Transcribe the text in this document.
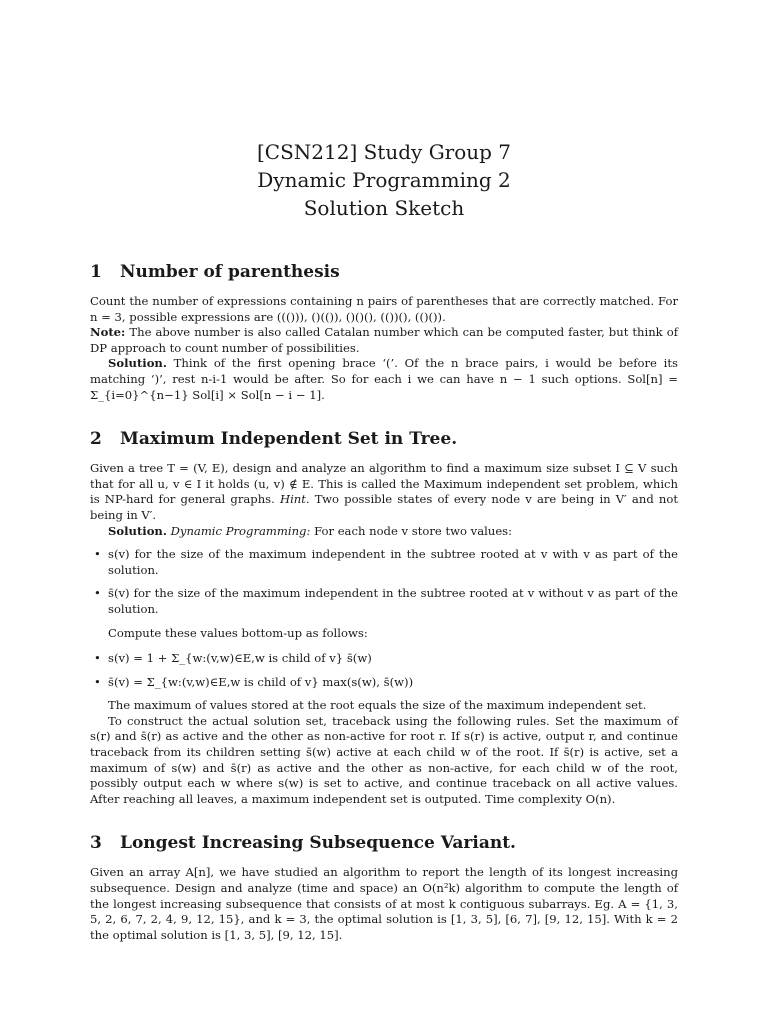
[CSN212] Study Group 7
Dynamic Programming 2
Solution Sketch
1 Number of parenthesis

Count the number of expressions containing n pairs of parentheses that are correctly matched. For n = 3, possible expressions are ((())), ()(()), ()()(), (())(), (()()).

Note: The above number is also called Catalan number which can be computed faster, but think of DP approach to count number of possibilities.

Solution. Think of the first opening brace ‘(’. Of the n brace pairs, i would be before its matching ‘)’, rest n-i-1 would be after. So for each i we can have n − 1 such options. Sol[n] = Σ_{i=0}^{n−1} Sol[i] × Sol[n − i − 1].

2 Maximum Independent Set in Tree.

Given a tree T = (V, E), design and analyze an algorithm to find a maximum size subset I ⊆ V such that for all u, v ∈ I it holds (u, v) ∉ E. This is called the Maximum independent set problem, which is NP-hard for general graphs. Hint. Two possible states of every node v are being in V′ and not being in V′.

Solution. Dynamic Programming: For each node v store two values:

• s(v) for the size of the maximum independent in the subtree rooted at v with v as part of the solution.
• s̄(v) for the size of the maximum independent in the subtree rooted at v without v as part of the solution.

Compute these values bottom-up as follows:

• s(v) = 1 + Σ_{w:(v,w)∈E,w is child of v} s̄(w)
• s̄(v) = Σ_{w:(v,w)∈E,w is child of v} max(s(w), s̄(w))

The maximum of values stored at the root equals the size of the maximum independent set.

To construct the actual solution set, traceback using the following rules. Set the maximum of s(r) and s̄(r) as active and the other as non-active for root r. If s(r) is active, output r, and continue traceback from its children setting s̄(w) active at each child w of the root. If s̄(r) is active, set a maximum of s(w) and s̄(r) as active and the other as non-active, for each child w of the root, possibly output each w where s(w) is set to active, and continue traceback on all active values. After reaching all leaves, a maximum independent set is outputed. Time complexity O(n).

3 Longest Increasing Subsequence Variant.

Given an array A[n], we have studied an algorithm to report the length of its longest increasing subsequence. Design and analyze (time and space) an O(n²k) algorithm to compute the length of the longest increasing subsequence that consists of at most k contiguous subarrays. Eg. A = {1, 3, 5, 2, 6, 7, 2, 4, 9, 12, 15}, and k = 3, the optimal solution is [1, 3, 5], [6, 7], [9, 12, 15]. With k = 2 the optimal solution is [1, 3, 5], [9, 12, 15].
